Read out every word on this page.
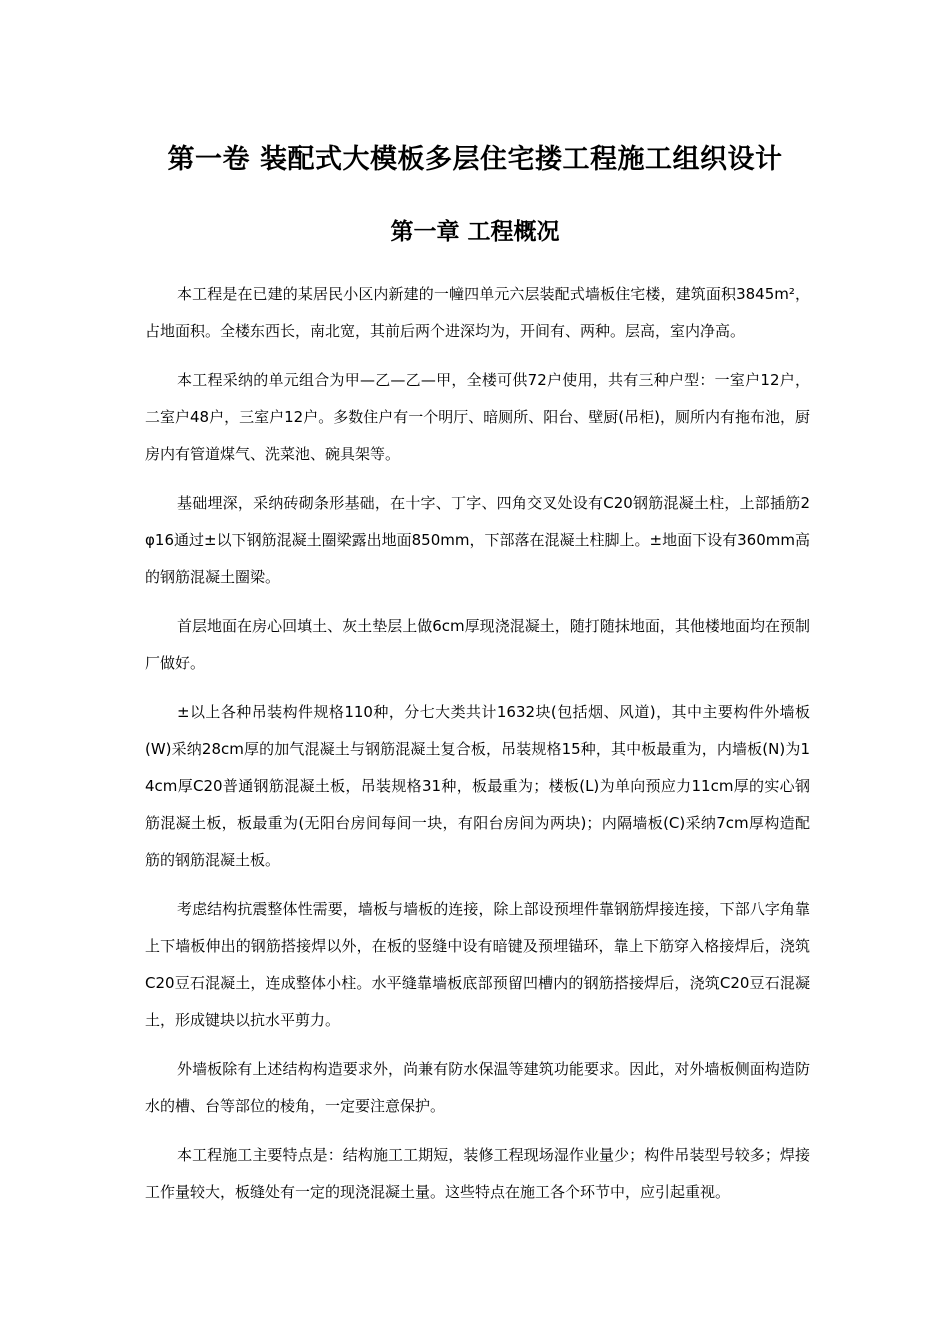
第一卷 装配式大模板多层住宅搂工程施工组织设计
第一章 工程概况

本工程是在已建的某居民小区内新建的一幢四单元六层装配式墙板住宅楼，建筑面积3845m²，占地面积。全楼东西长，南北宽，其前后两个进深均为，开间有、两种。层高，室内净高。

本工程采纳的单元组合为甲—乙—乙—甲，全楼可供72户使用，共有三种户型：一室户12户，二室户48户，三室户12户。多数住户有一个明厅、暗厕所、阳台、壁厨(吊柜)，厕所内有拖布池，厨房内有管道煤气、洗菜池、碗具架等。

基础埋深，采纳砖砌条形基础，在十字、丁字、四角交叉处设有C20钢筋混凝土柱，上部插筋2φ16通过±以下钢筋混凝土圈梁露出地面850mm，下部落在混凝土柱脚上。±地面下设有360mm高的钢筋混凝土圈梁。

首层地面在房心回填土、灰土垫层上做6cm厚现浇混凝土，随打随抹地面，其他楼地面均在预制厂做好。

±以上各种吊装构件规格110种，分七大类共计1632块(包括烟、风道)，其中主要构件外墙板(W)采纳28cm厚的加气混凝土与钢筋混凝土复合板，吊装规格15种，其中板最重为，内墙板(N)为14cm厚C20普通钢筋混凝土板，吊装规格31种，板最重为；楼板(L)为单向预应力11cm厚的实心钢筋混凝土板，板最重为(无阳台房间每间一块，有阳台房间为两块)；内隔墙板(C)采纳7cm厚构造配筋的钢筋混凝土板。

考虑结构抗震整体性需要，墙板与墙板的连接，除上部设预埋件靠钢筋焊接连接，下部八字角靠上下墙板伸出的钢筋搭接焊以外，在板的竖缝中设有暗键及预埋锚环，靠上下筋穿入格接焊后，浇筑C20豆石混凝土，连成整体小柱。水平缝靠墙板底部预留凹槽内的钢筋搭接焊后，浇筑C20豆石混凝土，形成键块以抗水平剪力。

外墙板除有上述结构构造要求外，尚兼有防水保温等建筑功能要求。因此，对外墙板侧面构造防水的槽、台等部位的棱角，一定要注意保护。

本工程施工主要特点是：结构施工工期短，装修工程现场湿作业量少；构件吊装型号较多；焊接工作量较大，板缝处有一定的现浇混凝土量。这些特点在施工各个环节中，应引起重视。
